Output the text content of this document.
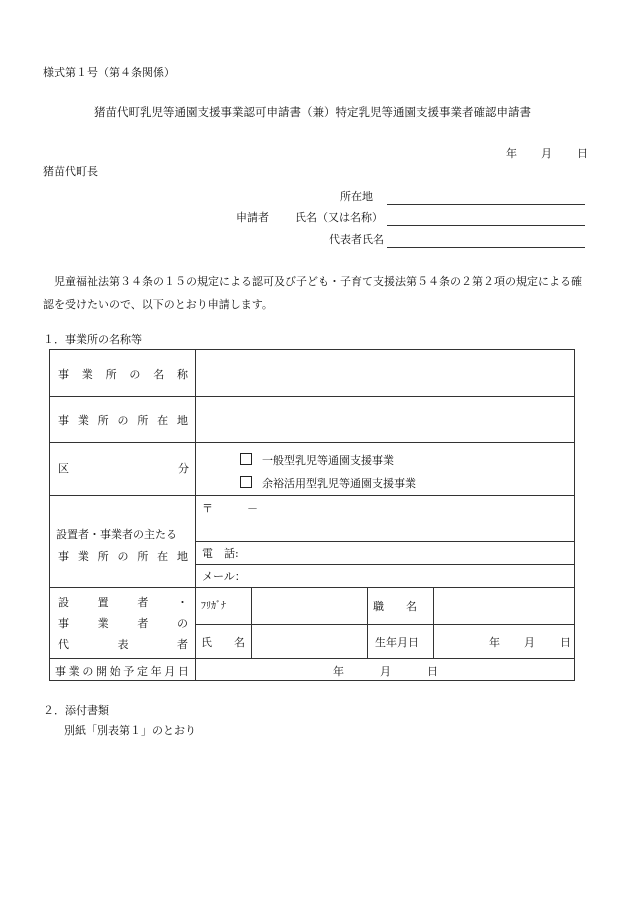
様式第１号（第４条関係）
猪苗代町乳児等通園支援事業認可申請書（兼）特定乳児等通園支援事業者確認申請書
年 月 日
猪苗代町長
所在地
申請者 氏名（又は名称）
代表者氏名
児童福祉法第３４条の１５の規定による認可及び子ども・子育て支援法第５４条の２第２項の規定による確認を受けたいので、以下のとおり申請します。
１．事業所の名称等
事 業 所 の 名 称
事 業 所 の 所 在 地
区	分
一般型乳児等通園支援事業
余裕活用型乳児等通園支援事業
設置者・事業者の主たる
事 業 所 の 所 在 地
〒	－
電　話:
メール：
設	置	者	・
事	業	者	の
代	表	者
ﾌﾘｶﾞﾅ	職　　名
氏　　名	生年月日	年 月 日
事 業 の 開 始 予 定 年 月 日	年	月	日
２．添付書類
別紙「別表第１」のとおり
